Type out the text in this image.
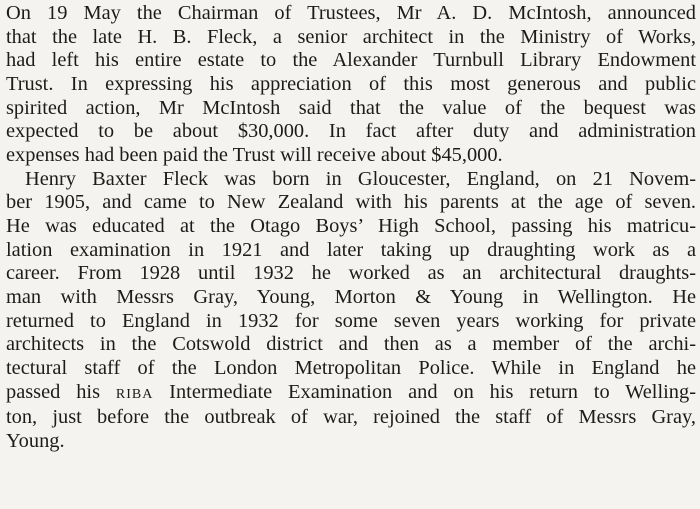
On 19 May the Chairman of Trustees, Mr A. D. McIntosh, announced
that the late H. B. Fleck, a senior architect in the Ministry of Works,
had left his entire estate to the Alexander Turnbull Library Endowment
Trust. In expressing his appreciation of this most generous and public
spirited action, Mr McIntosh said that the value of the bequest was
expected to be about $30,000. In fact after duty and administration
expenses had been paid the Trust will receive about $45,000.

Henry Baxter Fleck was born in Gloucester, England, on 21 Novem-
ber 1905, and came to New Zealand with his parents at the age of seven.
He was educated at the Otago Boys’ High School, passing his matricu-
lation examination in 1921 and later taking up draughting work as a
career. From 1928 until 1932 he worked as an architectural draughts-
man with Messrs Gray, Young, Morton & Young in Wellington. He
returned to England in 1932 for some seven years working for private
architects in the Cotswold district and then as a member of the archi-
tectural staff of the London Metropolitan Police. While in England he
passed his RIBA Intermediate Examination and on his return to Welling-
ton, just before the outbreak of war, rejoined the staff of Messrs Gray,
Young.
